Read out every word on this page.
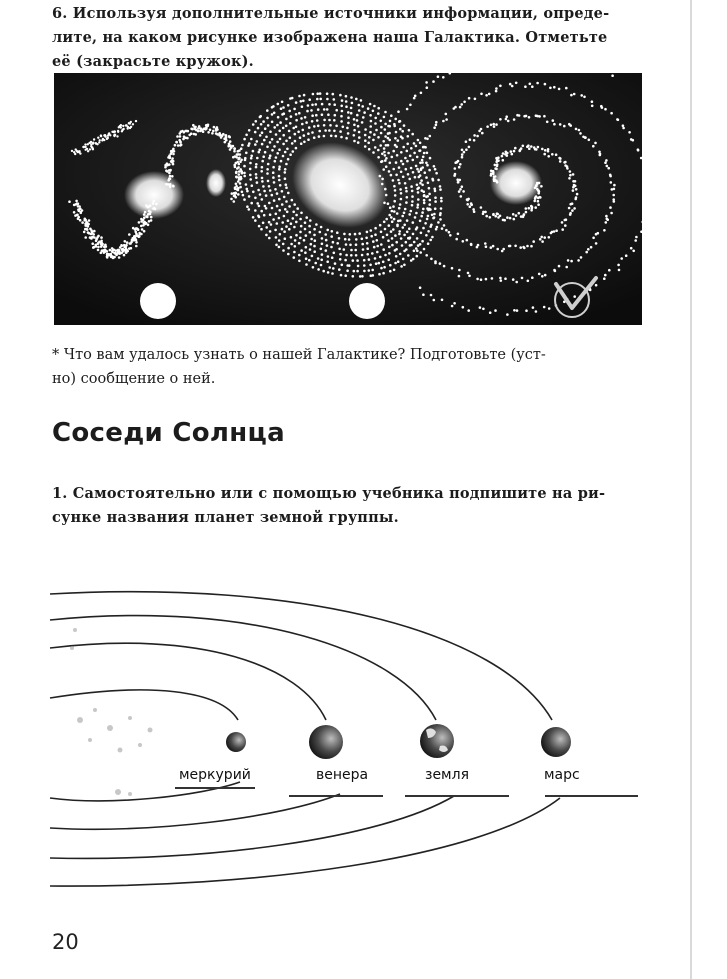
6. Используя дополнительные источники информации, опреде-
лите, на каком рисунке изображена наша Галактика. Отметьте
её (закрасьте кружок).
* Что вам удалось узнать о нашей Галактике? Подготовьте (уст-
но) сообщение о ней.
Соседи Солнца
1. Самостоятельно или с помощью учебника подпишите на ри-
сунке названия планет земной группы.
меркурий	венера	земля	марс
20
